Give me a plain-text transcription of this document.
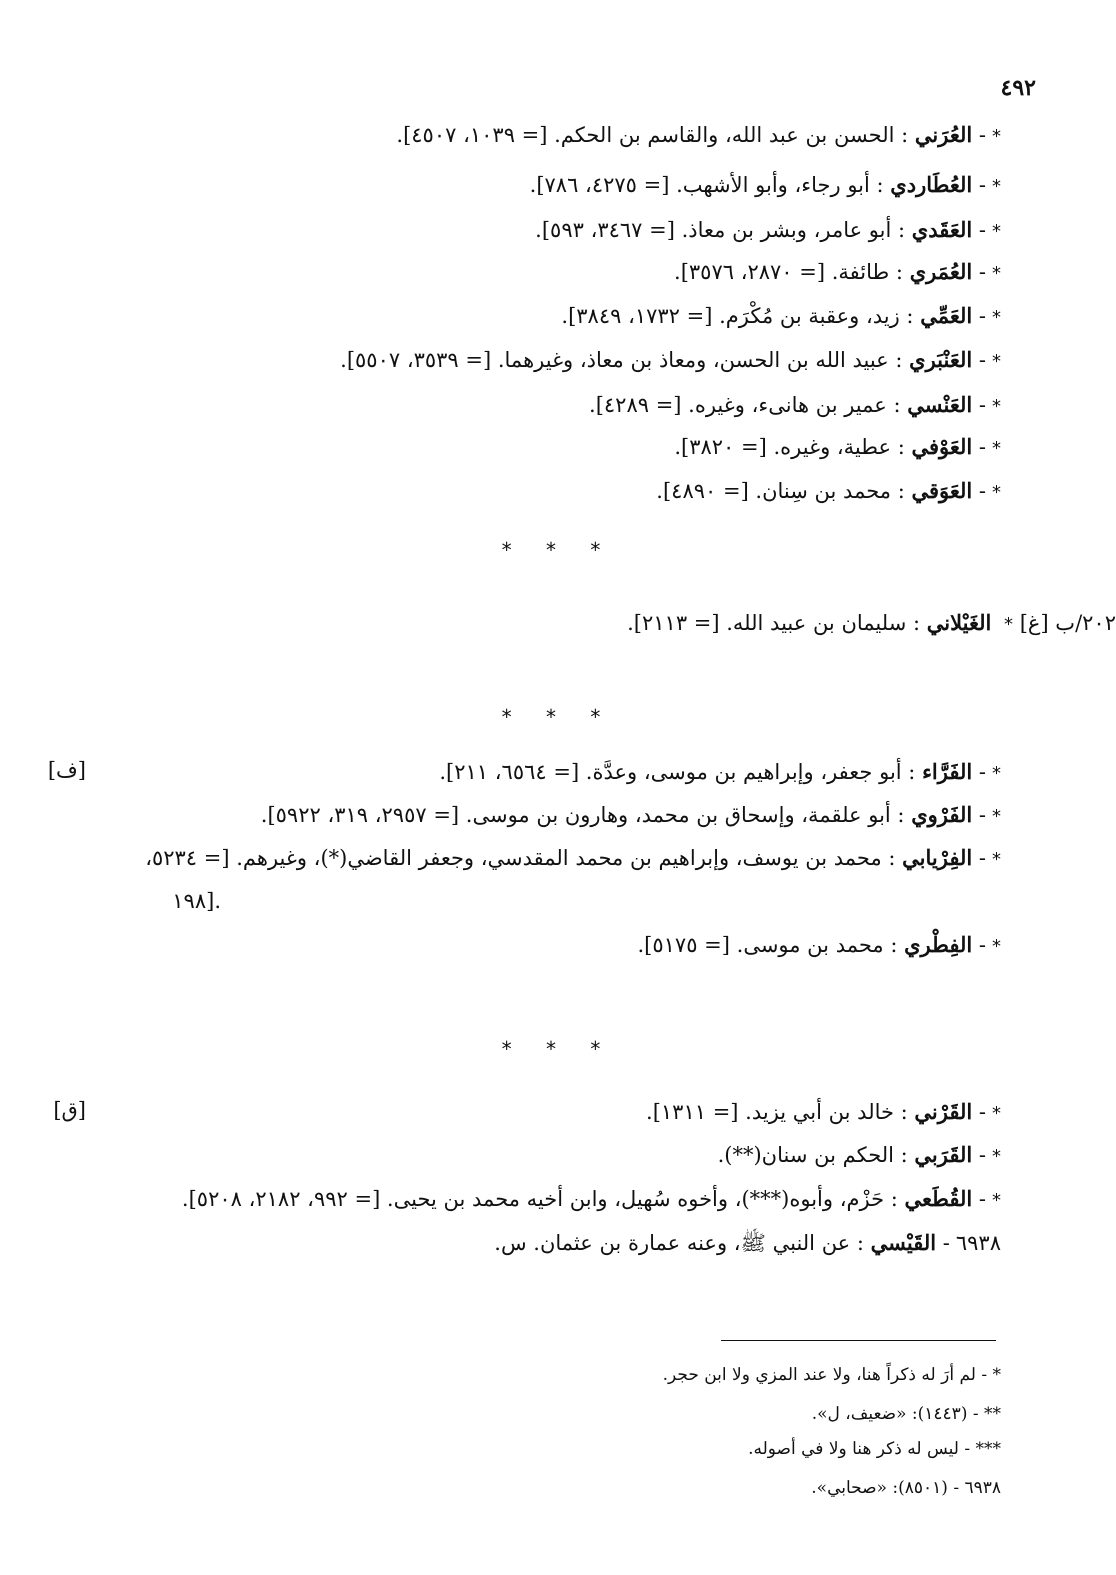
٤٩٢
*- العُرَني : الحسن بن عبد الله، والقاسم بن الحكم. [= ١٠٣٩، ٤٥٠٧].
*- العُطَاردي : أبو رجاء، وأبو الأشهب. [= ٤٢٧٥، ٧٨٦].
*- العَقَدي : أبو عامر، وبشر بن معاذ. [= ٣٤٦٧، ٥٩٣].
*- العُمَري : طائفة. [= ٢٨٧٠، ٣٥٧٦].
*- العَمِّي : زيد، وعقبة بن مُكْرَم. [= ١٧٣٢، ٣٨٤٩].
*- العَنْبَري : عبيد الله بن الحسن، ومعاذ بن معاذ، وغيرهما. [= ٣٥٣٩، ٥٥٠٧].
*- العَنْسي : عمير بن هانىء، وغيره. [= ٤٢٨٩].
*- العَوْفي : عطية، وغيره. [= ٣٨٢٠].
*- العَوَقي : محمد بن سِنان. [= ٤٨٩٠].
* * *
٢٠٢/ب [غ] * الغَيْلاني : سليمان بن عبيد الله. [= ٢١١٣].
* * *
[ف]	*- الفَرَّاء : أبو جعفر، وإبراهيم بن موسى، وعدَّة. [= ٦٥٦٤، ٢١١].
*- الفَرْوي : أبو علقمة، وإسحاق بن محمد، وهارون بن موسى. [= ٢٩٥٧، ٣١٩، ٥٩٢٢].
*- الفِرْيابي : محمد بن يوسف، وإبراهيم بن محمد المقدسي، وجعفر القاضي(*)، وغيرهم. [= ٥٢٣٤،
١٩٨].
*- الفِطْري : محمد بن موسى. [= ٥١٧٥].
* * *
[ق]	*- القَرْني : خالد بن أبي يزيد. [= ١٣١١].
*- القَرَبي : الحكم بن سنان(**).
*- القُطَعي : حَزْم، وأبوه(***)، وأخوه سُهيل، وابن أخيه محمد بن يحيى. [= ٩٩٢، ٢١٨٢، ٥٢٠٨].
٦٩٣٨- القَيْسي : عن النبي ﷺ، وعنه عمارة بن عثمان. س.
* - لم أرَ له ذكراً هنا، ولا عند المزي ولا ابن حجر.
** - (١٤٤٣): «ضعيف، ل».
*** - ليس له ذكر هنا ولا في أصوله.
٦٩٣٨ - (٨٥٠١): «صحابي».
